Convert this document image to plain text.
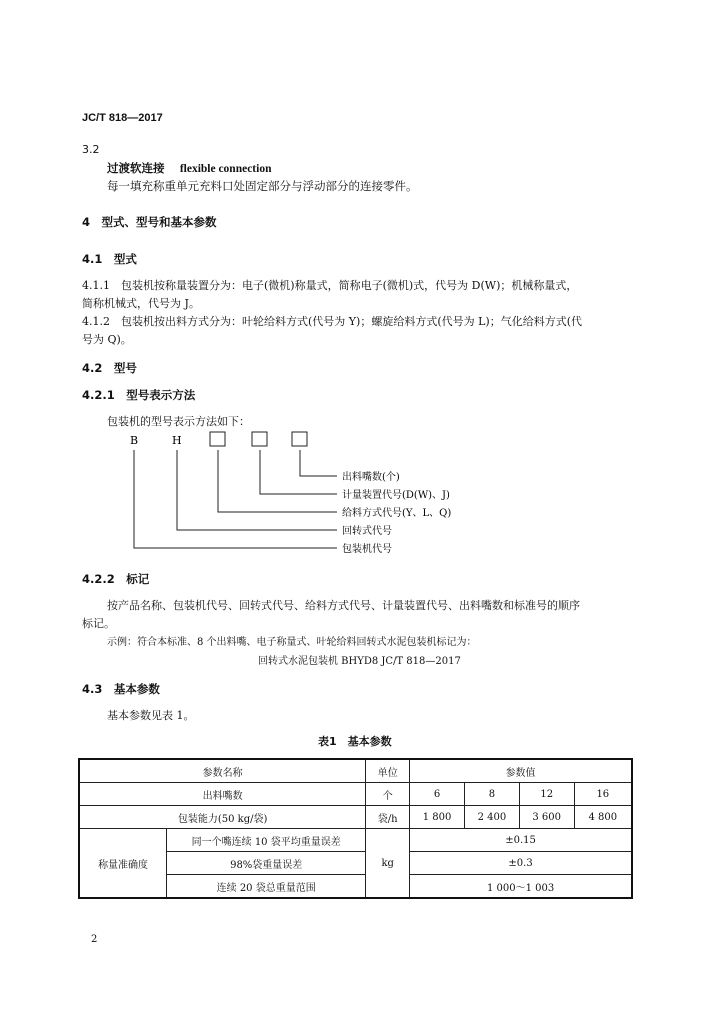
JC/T 818—2017
3.2
过渡软连接 flexible connection
每一填充称重单元充料口处固定部分与浮动部分的连接零件。
4　型式、型号和基本参数
4.1　型式
4.1.1　包装机按称量装置分为：电子(微机)称量式，简称电子(微机)式，代号为 D(W)；机械称量式，
简称机械式，代号为 J。
4.1.2　包装机按出料方式分为：叶轮给料方式(代号为 Y)；螺旋给料方式(代号为 L)；气化给料方式(代
号为 Q)。
4.2　型号
4.2.1　型号表示方法
包装机的型号表示方法如下：
B	H
出料嘴数(个)
计量装置代号(D(W)、J)
给料方式代号(Y、L、Q)
回转式代号
包装机代号
4.2.2　标记
按产品名称、包装机代号、回转式代号、给料方式代号、计量装置代号、出料嘴数和标准号的顺序
标记。
示例：符合本标准、8 个出料嘴、电子称量式、叶轮给料回转式水泥包装机标记为：
回转式水泥包装机 BHYD8 JC/T 818—2017
4.3　基本参数
基本参数见表 1。
表1　基本参数
参数名称		单位	参数值			
出料嘴数		个	6	8	12	16
包装能力(50 kg/袋)		袋/h	1 800	2 400	3 600	4 800
称量准确度	同一个嘴连续 10 袋平均重量误差	kg	±0.15			
	98%袋重量误差		±0.3			
	连续 20 袋总重量范围		1 000～1 003			
2
